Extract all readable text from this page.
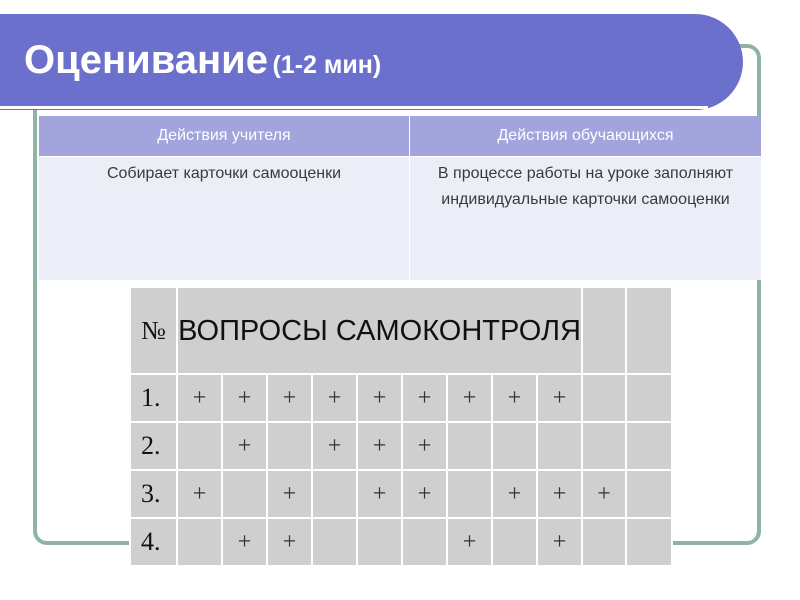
Оценивание (1-2 мин)
Действия учителя	Действия обучающихся
Собирает карточки самооценки	В процессе работы на уроке заполняют индивидуальные карточки самооценки
№	ВОПРОСЫ САМОКОНТРОЛЯ										
1.	+	+	+	+	+	+	+	+	+		
2.		+		+	+	+					
3.	+		+		+	+		+	+	+	
4.		+	+				+		+		
